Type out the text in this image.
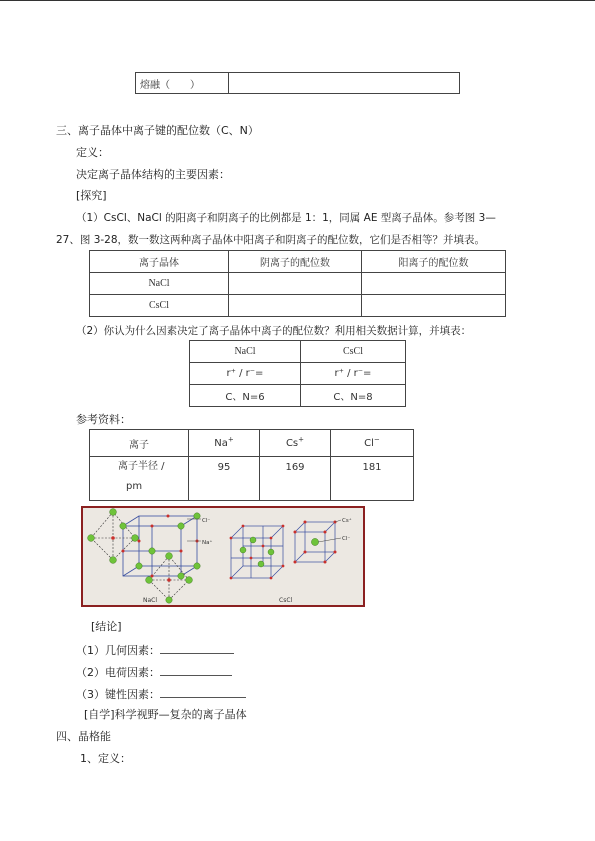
熔融（　　）	
三、离子晶体中离子键的配位数（C、N）
定义：
决定离子晶体结构的主要因素：
[探究]
（1）CsCl、NaCl 的阳离子和阴离子的比例都是 1：1，同属 AE 型离子晶体。参考图 3—
27、图 3-28，数一数这两种离子晶体中阳离子和阴离子的配位数，它们是否相等？并填表。
离子晶体	阴离子的配位数	阳离子的配位数
NaCl		
CsCl		
（2）你认为什么因素决定了离子晶体中离子的配位数？利用相关数据计算，并填表：
NaCl	CsCl
r⁺ / r⁻=	r⁺ / r⁻=
C、N=6	C、N=8
参考资料：
离子	Na+	Cs+	Cl−
离子半径 /
pm	95	169	181
Cl⁻
Na⁺
NaCl	CsCl
Cs⁺
Cl⁻
[结论]
（1）几何因素：
（2）电荷因素：
（3）键性因素：
[自学]科学视野—复杂的离子晶体
四、晶格能
1、定义：
